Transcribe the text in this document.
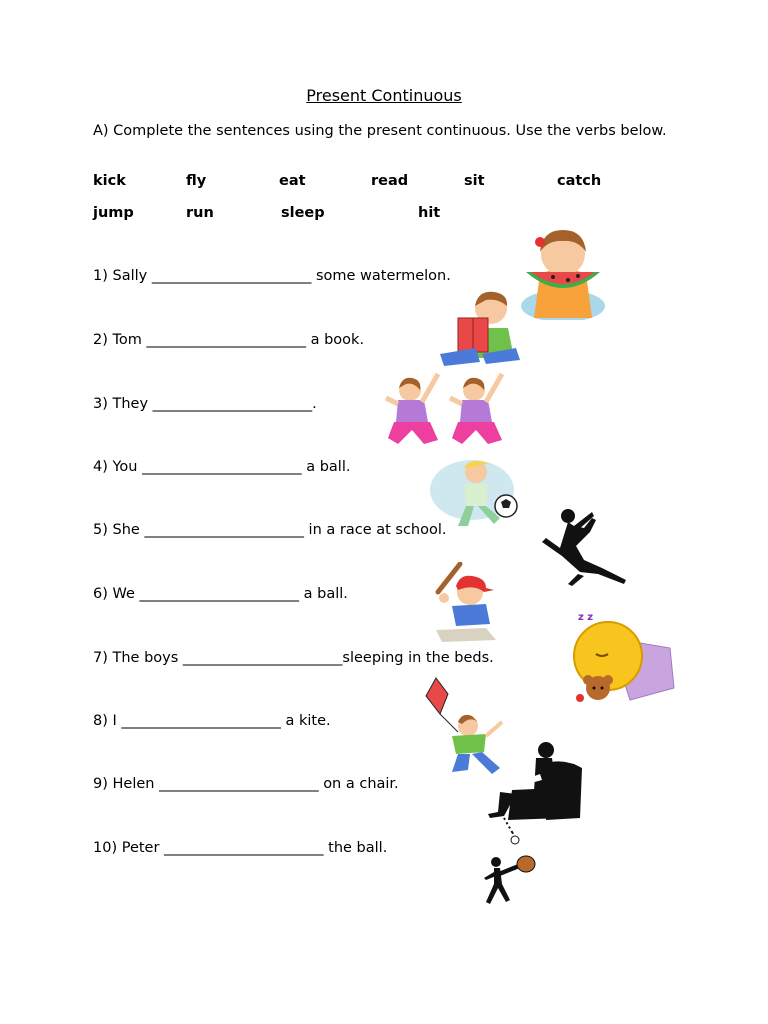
Present Continuous
A) Complete the sentences using the present continuous. Use the verbs below.
kick	fly	eat	read	sit	catch
jump	run	sleep	hit
1) Sally ______________________ some watermelon.
2) Tom ______________________ a book.
3) They ______________________.
4) You ______________________ a ball.
5) She ______________________ in a race at school.
6) We ______________________ a ball.
7) The boys ______________________sleeping in the beds.
8) I ______________________ a kite.
9) Helen ______________________ on a chair.
10) Peter ______________________ the ball.
z z
